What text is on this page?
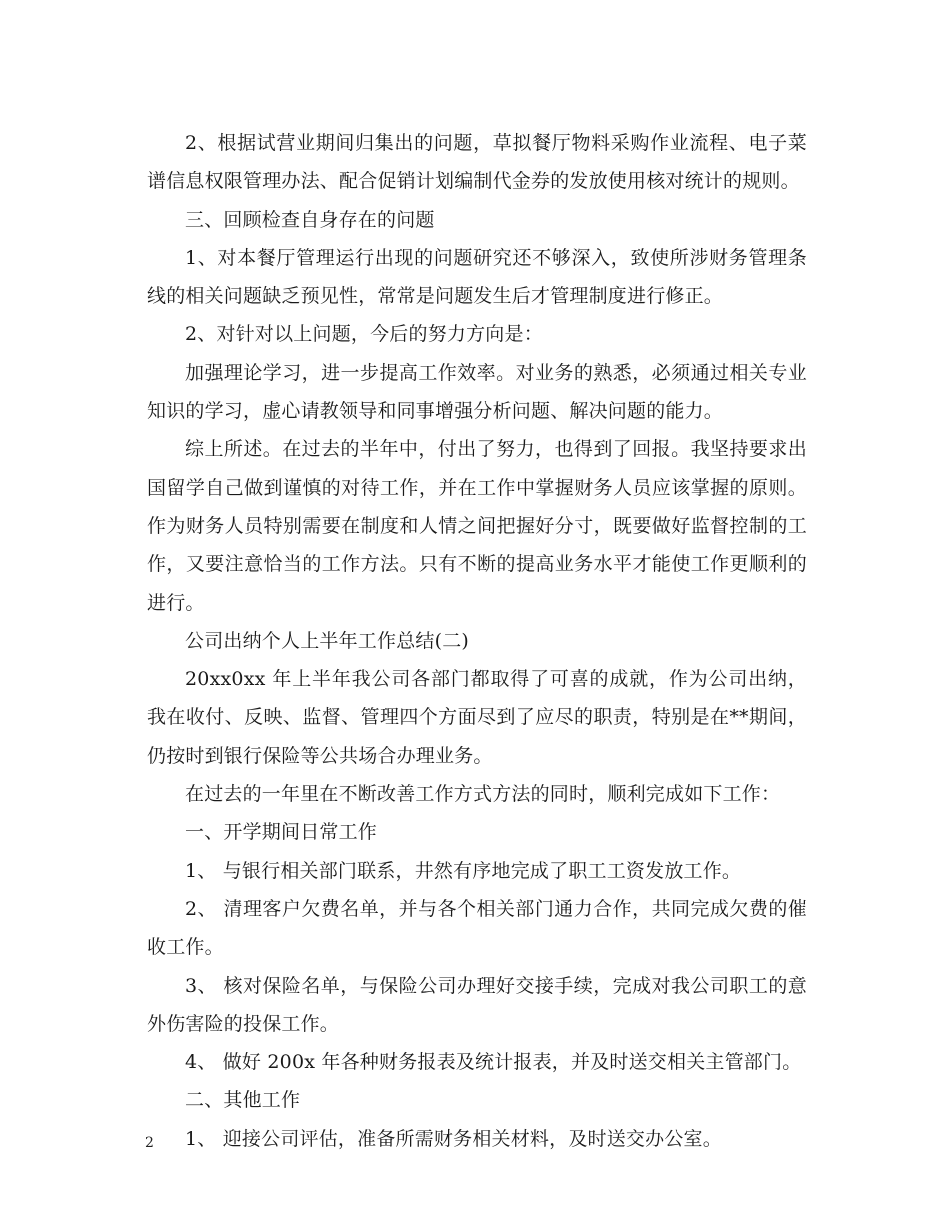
2、根据试营业期间归集出的问题，草拟餐厅物料采购作业流程、电子菜谱信息权限管理办法、配合促销计划编制代金券的发放使用核对统计的规则。

三、回顾检查自身存在的问题

1、对本餐厅管理运行出现的问题研究还不够深入，致使所涉财务管理条线的相关问题缺乏预见性，常常是问题发生后才管理制度进行修正。

2、对针对以上问题，今后的努力方向是：

加强理论学习，进一步提高工作效率。对业务的熟悉，必须通过相关专业知识的学习，虚心请教领导和同事增强分析问题、解决问题的能力。

综上所述。在过去的半年中，付出了努力，也得到了回报。我坚持要求出国留学自己做到谨慎的对待工作，并在工作中掌握财务人员应该掌握的原则。作为财务人员特别需要在制度和人情之间把握好分寸，既要做好监督控制的工作，又要注意恰当的工作方法。只有不断的提高业务水平才能使工作更顺利的进行。

公司出纳个人上半年工作总结(二)

20xx0xx 年上半年我公司各部门都取得了可喜的成就，作为公司出纳，我在收付、反映、监督、管理四个方面尽到了应尽的职责，特别是在**期间，仍按时到银行保险等公共场合办理业务。

在过去的一年里在不断改善工作方式方法的同时，顺利完成如下工作：

一、开学期间日常工作

1、 与银行相关部门联系，井然有序地完成了职工工资发放工作。

2、 清理客户欠费名单，并与各个相关部门通力合作，共同完成欠费的催收工作。

3、 核对保险名单，与保险公司办理好交接手续，完成对我公司职工的意外伤害险的投保工作。

4、 做好 200x 年各种财务报表及统计报表，并及时送交相关主管部门。

二、其他工作

1、 迎接公司评估，准备所需财务相关材料，及时送交办公室。

2
